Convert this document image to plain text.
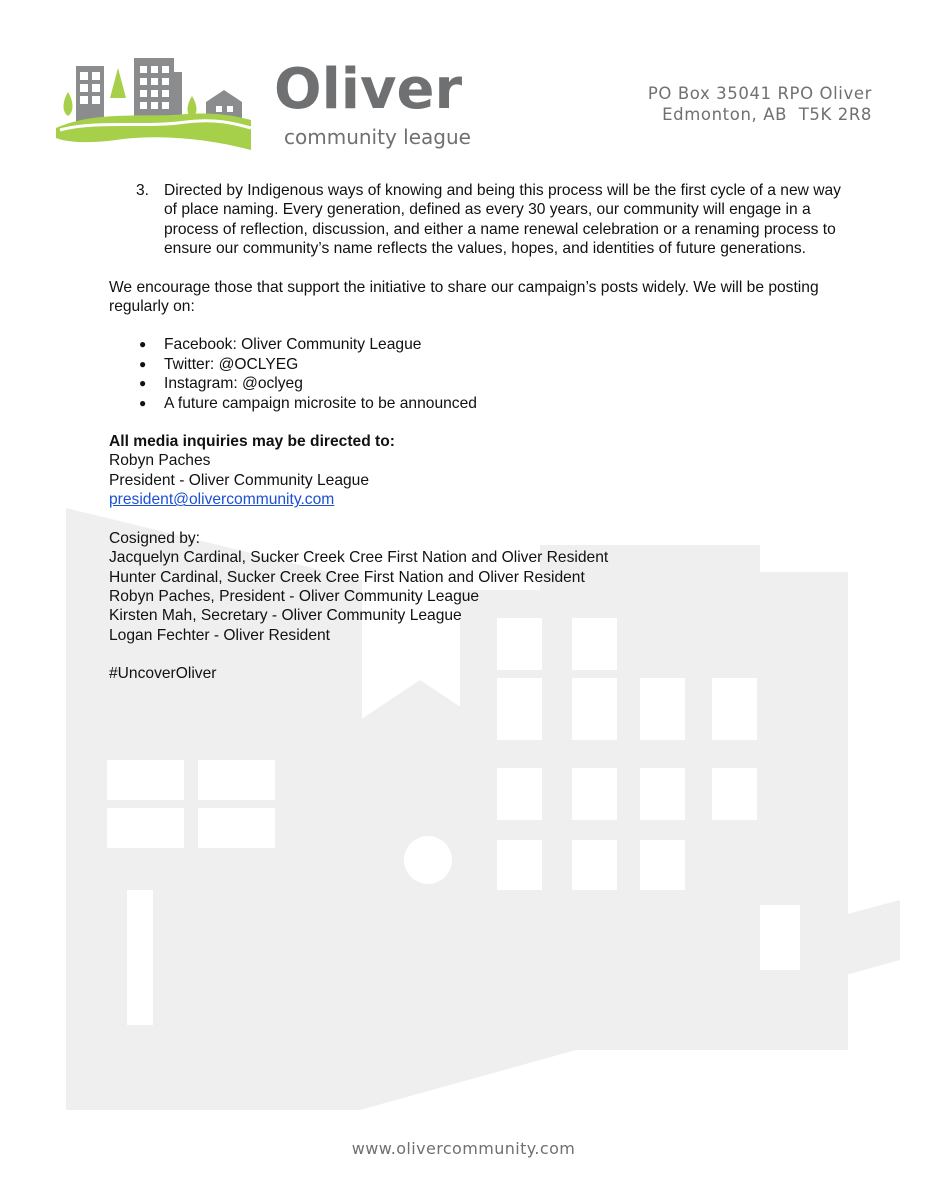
Oliver
community league
PO Box 35041 RPO Oliver
Edmonton, AB  T5K 2R8
3. Directed by Indigenous ways of knowing and being this process will be the first cycle of a new way of place naming. Every generation, defined as every 30 years, our community will engage in a process of reflection, discussion, and either a name renewal celebration or a renaming process to ensure our community’s name reflects the values, hopes, and identities of future generations.
We encourage those that support the initiative to share our campaign’s posts widely. We will be posting regularly on:
● Facebook: Oliver Community League
● Twitter: @OCLYEG
● Instagram: @oclyeg
● A future campaign microsite to be announced
All media inquiries may be directed to:
Robyn Paches
President - Oliver Community League
president@olivercommunity.com
Cosigned by:
Jacquelyn Cardinal, Sucker Creek Cree First Nation and Oliver Resident
Hunter Cardinal, Sucker Creek Cree First Nation and Oliver Resident
Robyn Paches, President - Oliver Community League
Kirsten Mah, Secretary - Oliver Community League
Logan Fechter - Oliver Resident
#UncoverOliver
www.olivercommunity.com
